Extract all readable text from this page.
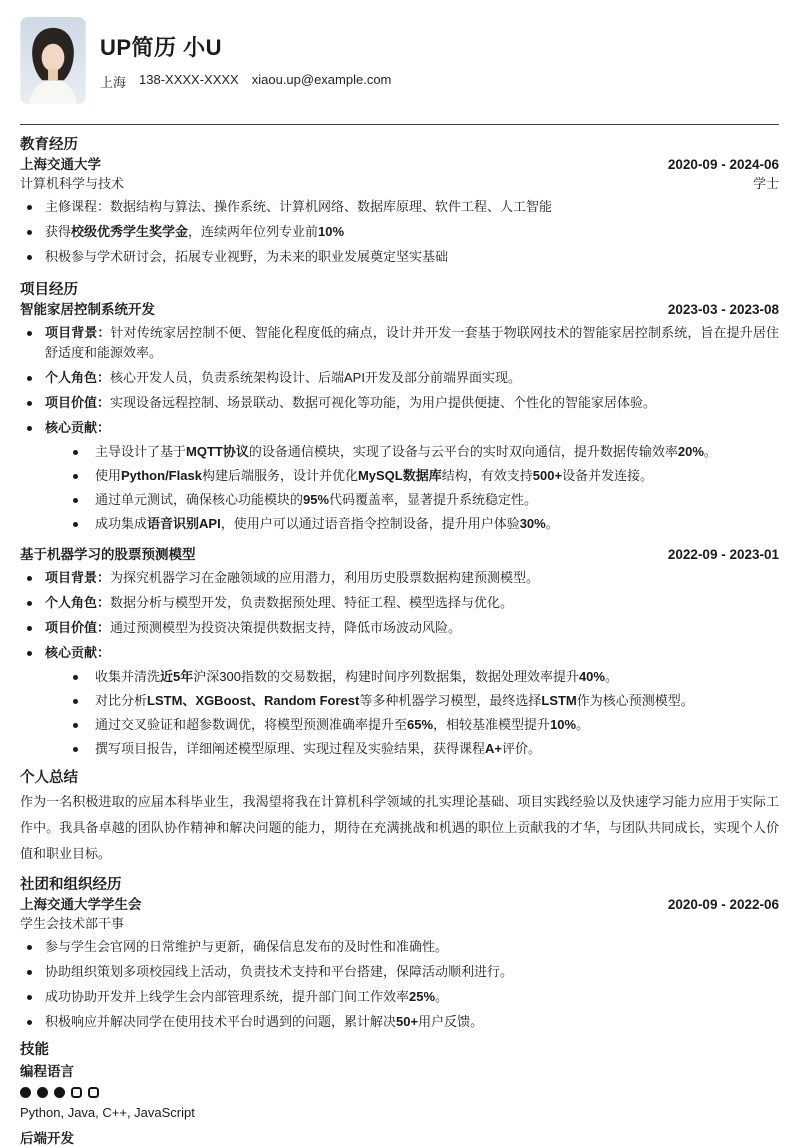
UP简历 小U
上海 138-XXXX-XXXX xiaou.up@example.com
教育经历
上海交通大学	2020-09 - 2024-06
计算机科学与技术	学士
主修课程：数据结构与算法、操作系统、计算机网络、数据库原理、软件工程、人工智能
获得校级优秀学生奖学金，连续两年位列专业前10%
积极参与学术研讨会，拓展专业视野，为未来的职业发展奠定坚实基础
项目经历
智能家居控制系统开发	2023-03 - 2023-08
项目背景：针对传统家居控制不便、智能化程度低的痛点，设计并开发一套基于物联网技术的智能家居控制系统，旨在提升居住舒适度和能源效率。
个人角色：核心开发人员，负责系统架构设计、后端API开发及部分前端界面实现。
项目价值：实现设备远程控制、场景联动、数据可视化等功能，为用户提供便捷、个性化的智能家居体验。
核心贡献：
主导设计了基于MQTT协议的设备通信模块，实现了设备与云平台的实时双向通信，提升数据传输效率20%。
使用Python/Flask构建后端服务，设计并优化MySQL数据库结构，有效支持500+设备并发连接。
通过单元测试，确保核心功能模块的95%代码覆盖率，显著提升系统稳定性。
成功集成语音识别API，使用户可以通过语音指令控制设备，提升用户体验30%。
基于机器学习的股票预测模型	2022-09 - 2023-01
项目背景：为探究机器学习在金融领域的应用潜力，利用历史股票数据构建预测模型。
个人角色：数据分析与模型开发，负责数据预处理、特征工程、模型选择与优化。
项目价值：通过预测模型为投资决策提供数据支持，降低市场波动风险。
核心贡献：
收集并清洗近5年沪深300指数的交易数据，构建时间序列数据集，数据处理效率提升40%。
对比分析LSTM、XGBoost、Random Forest等多种机器学习模型，最终选择LSTM作为核心预测模型。
通过交叉验证和超参数调优，将模型预测准确率提升至65%，相较基准模型提升10%。
撰写项目报告，详细阐述模型原理、实现过程及实验结果，获得课程A+评价。
个人总结

作为一名积极进取的应届本科毕业生，我渴望将我在计算机科学领域的扎实理论基础、项目实践经验以及快速学习能力应用于实际工作中。我具备卓越的团队协作精神和解决问题的能力，期待在充满挑战和机遇的职位上贡献我的才华，与团队共同成长，实现个人价值和职业目标。

社团和组织经历
上海交通大学学生会	2020-09 - 2022-06
学生会技术部干事
参与学生会官网的日常维护与更新，确保信息发布的及时性和准确性。
协助组织策划多项校园线上活动，负责技术支持和平台搭建，保障活动顺利进行。
成功协助开发并上线学生会内部管理系统，提升部门间工作效率25%。
积极响应并解决同学在使用技术平台时遇到的问题，累计解决50+用户反馈。
技能
编程语言
Python, Java, C++, JavaScript
后端开发
